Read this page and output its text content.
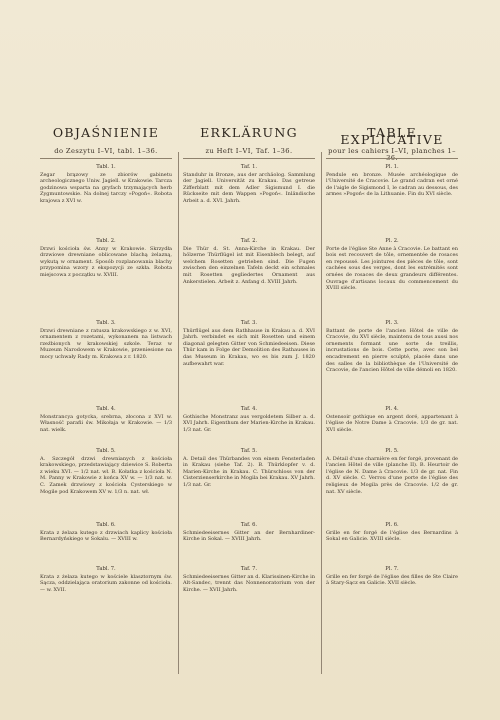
OBJAŚNIENIE
do Zeszytu I–VI, tabl. 1–36.
Tabl. 1.
Zegar brązowy ze zbiorów gabinetu archeologicznego Uniw. Jagiell. w Krakowie. Tarcza godzinowa wsparta na gryfach trzymających herb Zygmuntowskie. Na dolnej tarczy »Pogoń«. Robota krajowa z XVI w.
Tabl. 2.
Drzwi kościoła św. Anny w Krakowie. Skrzydła drzwiowe drewniane oblicowane blachą żelazną, wykutą w ornament. Sposób rozplanowania blachy przypomina wzory z ekspozycji ze szkła. Robota miejscowa z początku w. XVIII.
Tabl. 3.
Drzwi drewniane z ratusza krakowskiego z w. XVI, ornamentem z rozetami, wykonanem na listwach rzeźbionych w krakowskiej szkole. Teraz w Muzeum Narodowem w Krakowie, przeniesione na mocy uchwały Rady m. Krakowa z r. 1820.
Tabl. 4.
Monstrancya gotycka, srebrna, złocona z XVI w. Własność parafii św. Mikołaja w Krakowie. — 1/3 nat. wielk.
Tabl. 5.
A. Szczegół drzwi drewnianych z kościoła krakowskiego, przedstawiający dziewice S. Roberta z wieku XVI. — 1/2 nat. wł. B. Kołatka z kościoła N. M. Panny w Krakowie z końca XV w. — 1/3 nat. w. C. Zamek drzwiowy z kościoła Cysterskiego w Mogile pod Krakowem XV w. 1/3 n. nat. wł.
Tabl. 6.
Krata z żelaza kutego z drzwiach kaplicy kościoła Bernardyńskiego w Sokalu. — XVIII w.
Tabl. 7.
Krata z żelaza kutego w kościele klasztornym św. Sącza, oddzielająca oratorium zakonne od kościoła. — w. XVII.
ERKLÄRUNG
zu Heft I–VI, Taf. 1–36.
Taf. 1.
Standuhr in Bronze, aus der archäolog. Sammlung der Jagiell. Universität zu Krakau. Das getreue Zifferblatt mit dem Adler Sigismund I. die Rückseite mit dem Wappen »Pogoń«. Inländische Arbeit a. d. XVI. Jahrh.
Taf. 2.
Die Thür d. St. Anna-Kirche in Krakau. Der hölzerne Thürflügel ist mit Eisenblech belegt, auf welchem Rosetten getrieben sind. Die Fugen zwischen den einzelnen Tafeln deckt ein schmales mit Rosetten gegliedertes Ornament aus Ankerstielen. Arbeit z. Anfang d. XVIII Jahrh.
Taf. 3.
Thürflügel aus dem Rathhause in Krakau a. d. XVI Jahrh. verbindet es sich mit Rosetten und einem diagonal gelegten Gitter von Schmiedeeisen. Diese Thür kam in Folge der Demolition des Rathauses in das Museum in Krakau, wo es bis zum J. 1820 aufbewahrt war.
Taf. 4.
Gothische Monstranz aus vergoldetem Silber a. d. XVI Jahrh. Eigenthum der Marien-Kirche in Krakau. 1/3 nat. Gr.
Taf. 5.
A. Detail des Thürbandes von einem Fensterladen in Krakau (siehe Taf. 2). B. Thürklopfer v. d. Marien-Kirche in Krakau. C. Thürschloss von der Cisterzienserkirche in Mogila bei Krakau. XV Jahrh. 1/3 nat. Gr.
Taf. 6.
Schmiedeeisernes Gitter an der Bernhardiner-Kirche in Sokal. — XVIII Jahrh.
Taf. 7.
Schmiedeeisernes Gitter an d. Klarissinen-Kirche in Alt-Sandec, trennt das Nonnenoratorium von der Kirche. — XVII Jahrh.
TABLE EXPLICATIVE
pour les cahiers I–VI, planches 1–36.
Pl. 1.
Pendule en bronze. Musée archéologique de l'Université de Cracovie. Le grand cadran est orné de l'aigle de Sigismond I, le cadran au dessous, des armes »Pogoń« de la Lithuanie. Fin du XVI siècle.
Pl. 2.
Porte de l'église Ste Anne à Cracovie. Le battant en bois est recouvert de tôle, ornementée de rosaces en repoussé. Les jointures des pièces de tôle, sont cachées sous des verges, dont les extrémités sont ornées de rosaces de deux grandeurs différentes. Ouvrage d'artisans locaux du commencement du XVIII siècle.
Pl. 3.
Battant de porte de l'ancien Hôtel de ville de Cracovie, du XVI siècle, maintenu de tous aussi nos ornements formant une sorte de treillis, incrustations de bois. Cette porte, avec son bel encadrement en pierre sculpté, placée dans une des salles de la bibliothèque de l'Université de Cracovie, de l'ancien Hôtel de ville démoli en 1820.
Pl. 4.
Ostensoir gothique en argent doré, appartenant à l'église de Notre Dame à Cracovie. 1/3 de gr. nat. XVI siècle.
Pl. 5.
A. Détail d'une charnière en fer forgé, provenant de l'ancien Hôtel de ville (planche II). B. Heurtoir de l'église de N. Dame à Cracovie. 1/3 de gr. nat. Fin d. XV siècle. C. Verrou d'une porte de l'église des religieux de Mogila près de Cracovie. 1/2 de gr. nat. XV siècle.
Pl. 6.
Grille en fer forgé de l'église des Bernardins à Sokal en Galicie. XVIII siècle.
Pl. 7.
Grille en fer forgé de l'église des filles de Ste Claire à Stary-Sącz en Galicie. XVII siècle.
